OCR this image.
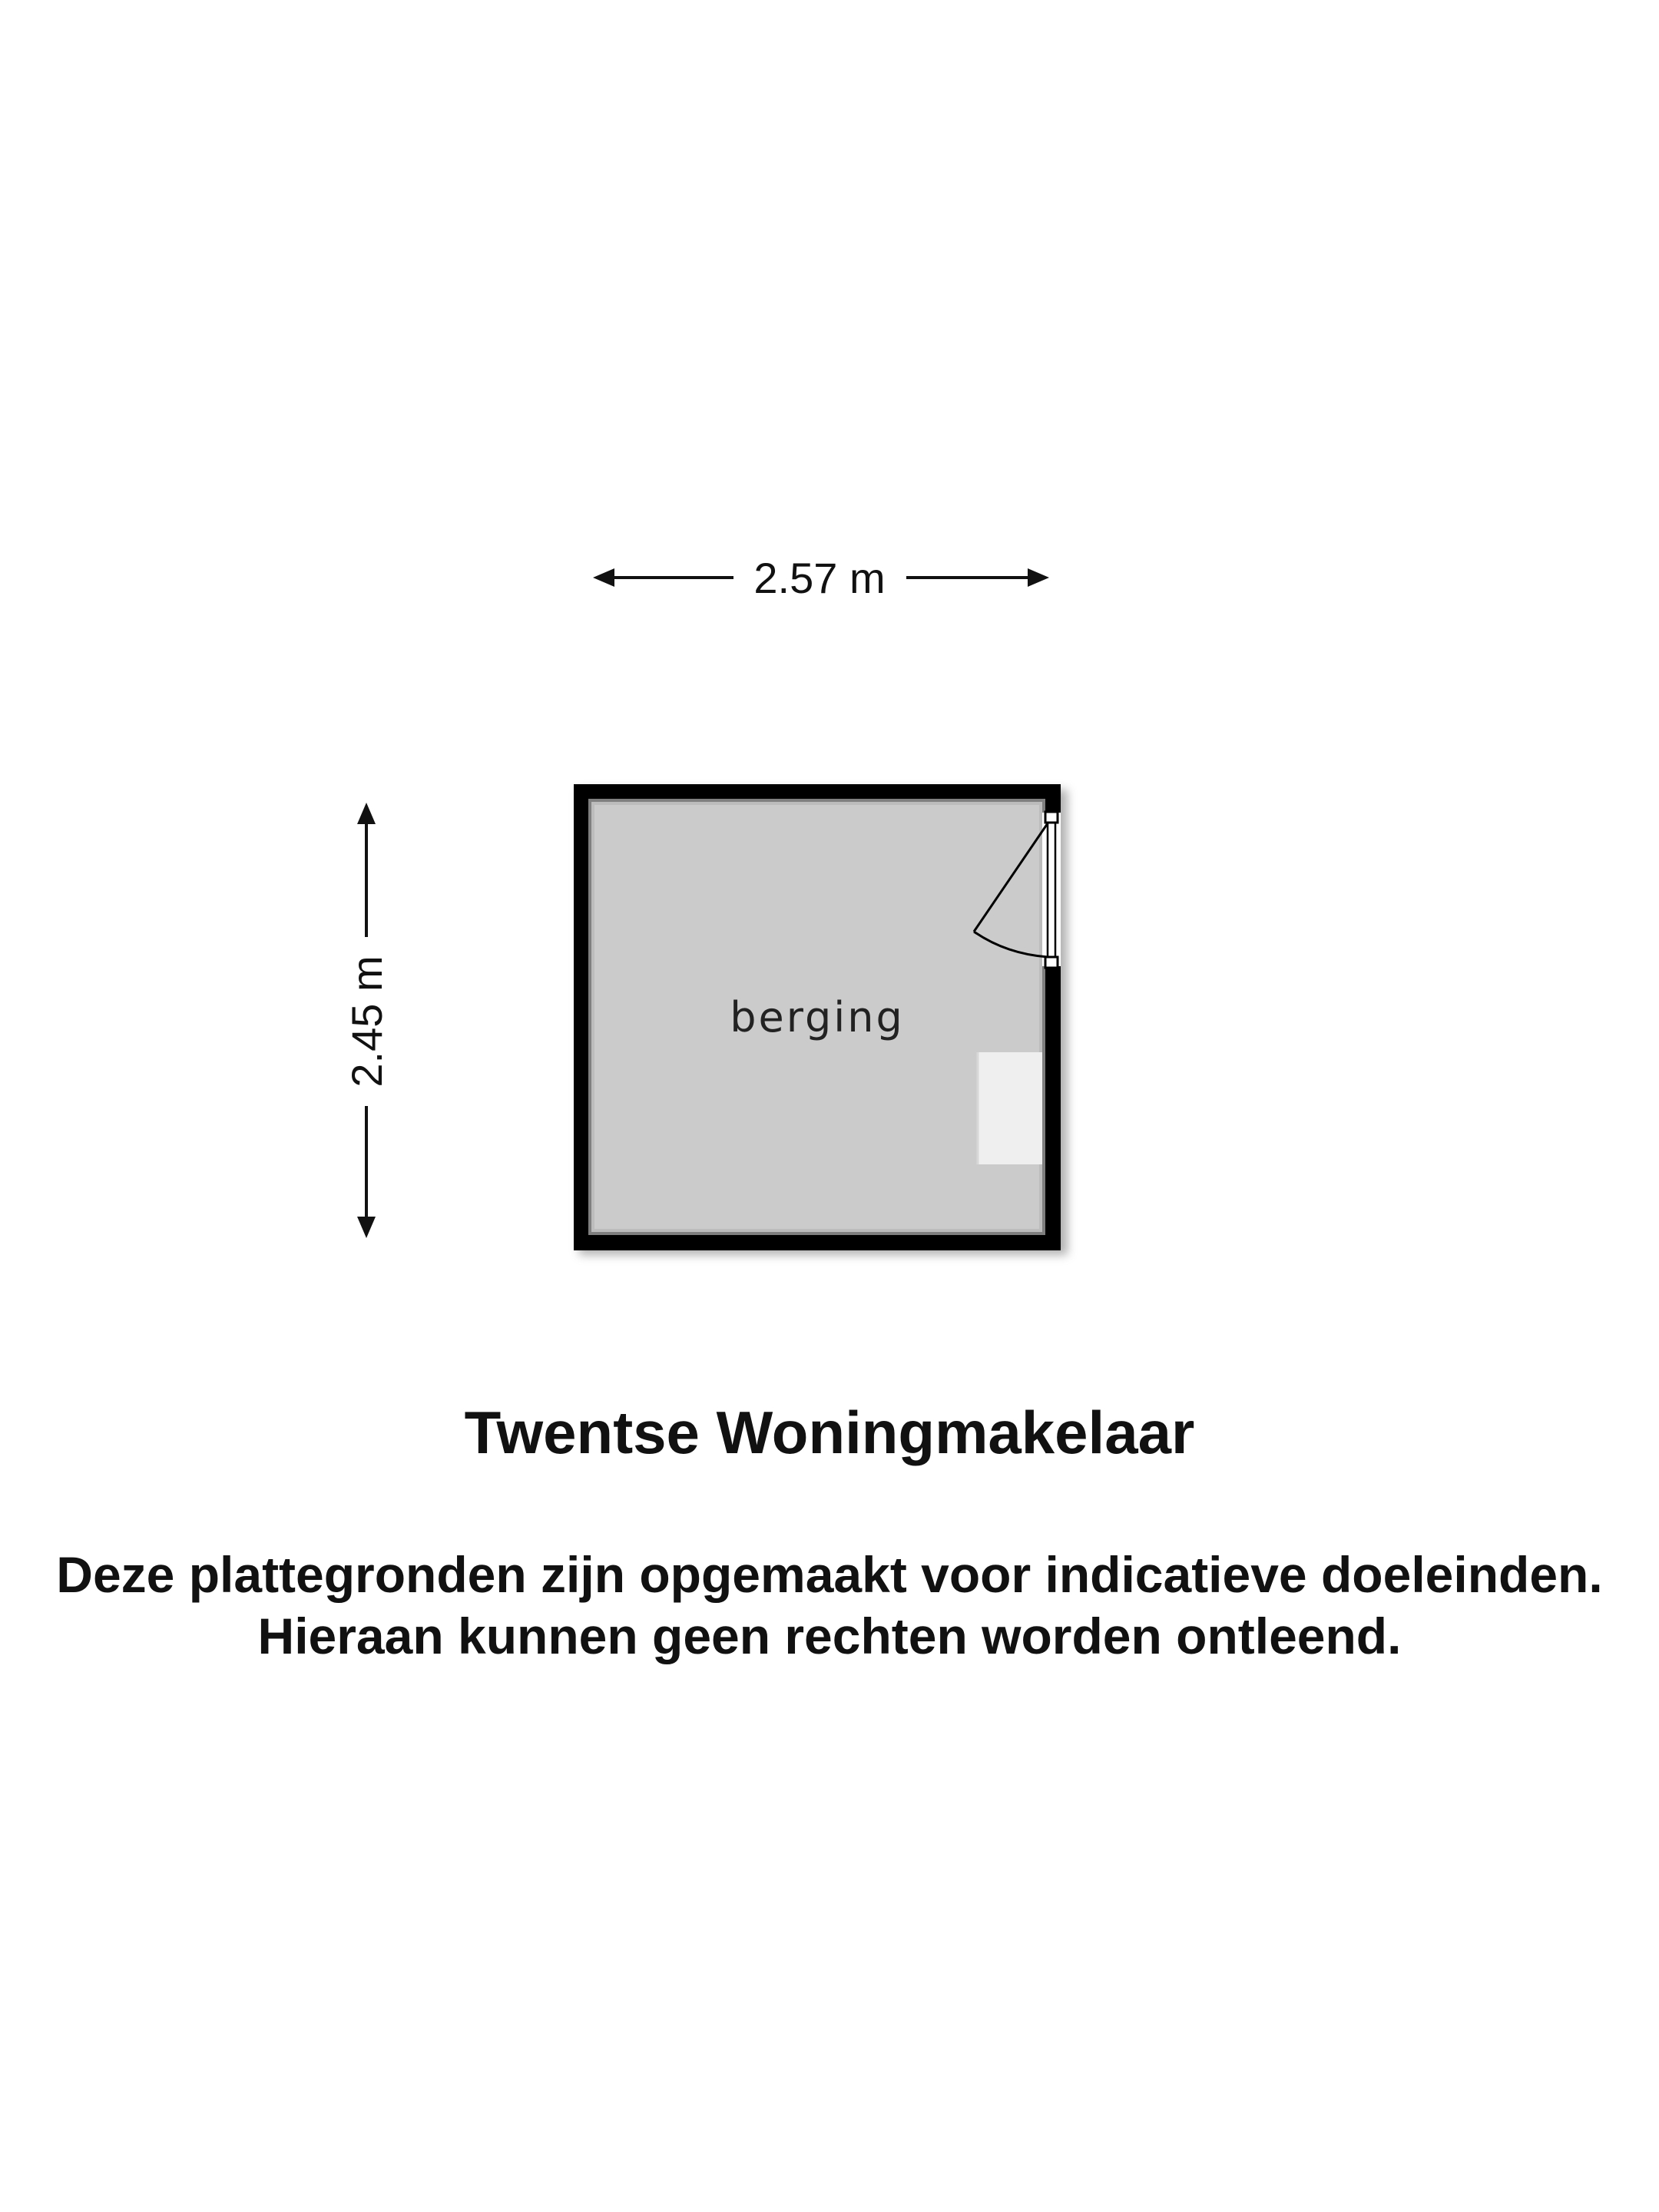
2.57 m
2.45 m	berging
Twentse Woningmakelaar
Deze plattegronden zijn opgemaakt voor indicatieve doeleinden.
Hieraan kunnen geen rechten worden ontleend.
